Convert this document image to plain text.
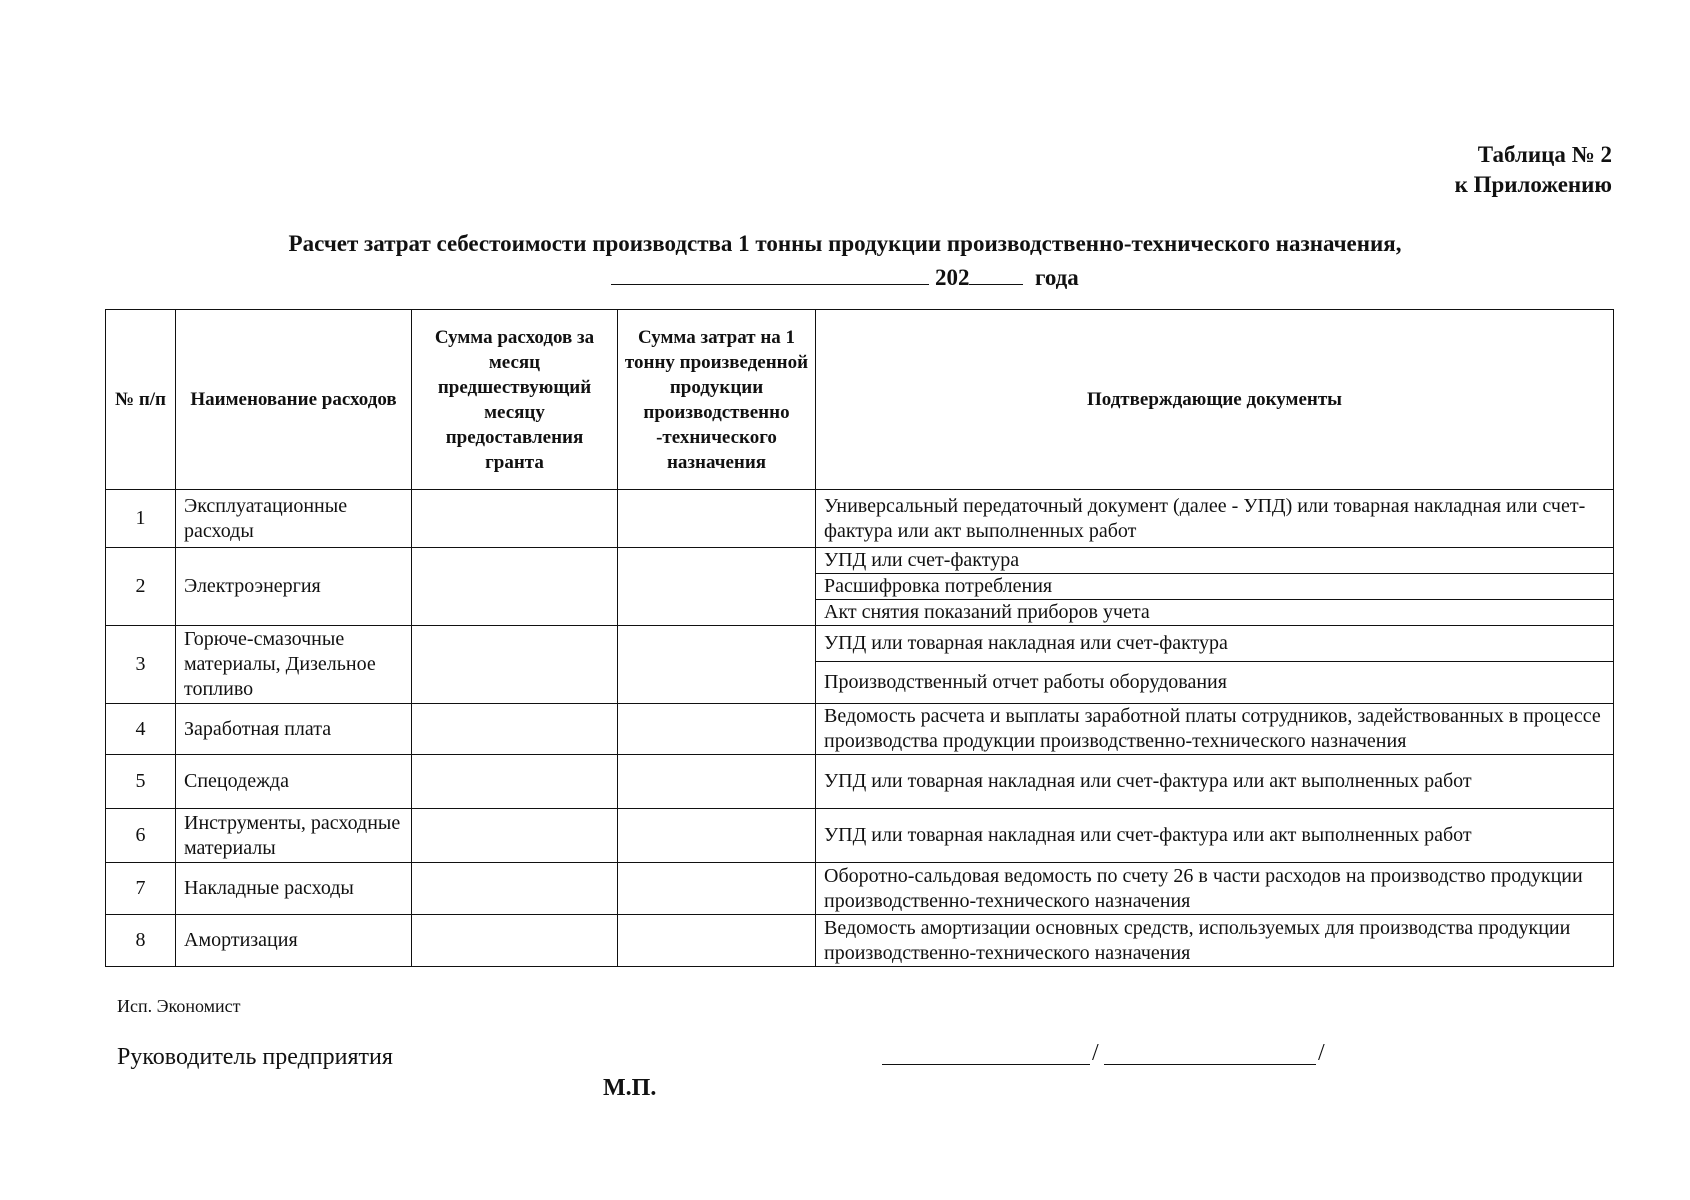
Таблица № 2
к Приложению
Расчет затрат себестоимости производства 1 тонны продукции производственно-технического назначения,
202	года
№ п/п	Наименование расходов	Сумма расходов за месяц предшествующий месяцу предоставления гранта	Сумма затрат на 1 тонну произведенной продукции производственно -технического назначения	Подтверждающие документы
1	Эксплуатационные расходы			Универсальный передаточный документ (далее - УПД) или товарная накладная или счет-фактура или акт выполненных работ
2	Электроэнергия			УПД или счет-фактура
				Расшифровка потребления
				Акт снятия показаний приборов учета
3	Горюче-смазочные материалы, Дизельное топливо			УПД или товарная накладная или счет-фактура
				Производственный отчет работы оборудования
4	Заработная плата			Ведомость расчета и выплаты заработной платы сотрудников, задействованных в процессе производства продукции производственно-технического назначения
5	Спецодежда			УПД или товарная накладная или счет-фактура или акт выполненных работ
6	Инструменты, расходные материалы			УПД или товарная накладная или счет-фактура или акт выполненных работ
7	Накладные расходы			Оборотно-сальдовая ведомость по счету 26 в части расходов на производство продукции производственно-технического назначения
8	Амортизация			Ведомость амортизации основных средств, используемых для производства продукции производственно-технического назначения
Исп. Экономист
Руководитель предприятия
М.П.
/	/
